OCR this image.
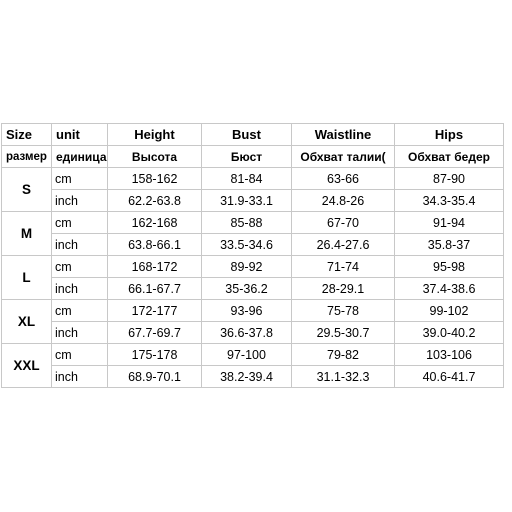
Size	unit	Height	Bust	Waistline	Hips
размер	единица	Высота	Бюст	Обхват талии(	Обхват бедер
S	cm	158-162	81-84	63-66	87-90
	inch	62.2-63.8	31.9-33.1	24.8-26	34.3-35.4
M	cm	162-168	85-88	67-70	91-94
	inch	63.8-66.1	33.5-34.6	26.4-27.6	35.8-37
L	cm	168-172	89-92	71-74	95-98
	inch	66.1-67.7	35-36.2	28-29.1	37.4-38.6
XL	cm	172-177	93-96	75-78	99-102
	inch	67.7-69.7	36.6-37.8	29.5-30.7	39.0-40.2
XXL	cm	175-178	97-100	79-82	103-106
	inch	68.9-70.1	38.2-39.4	31.1-32.3	40.6-41.7
